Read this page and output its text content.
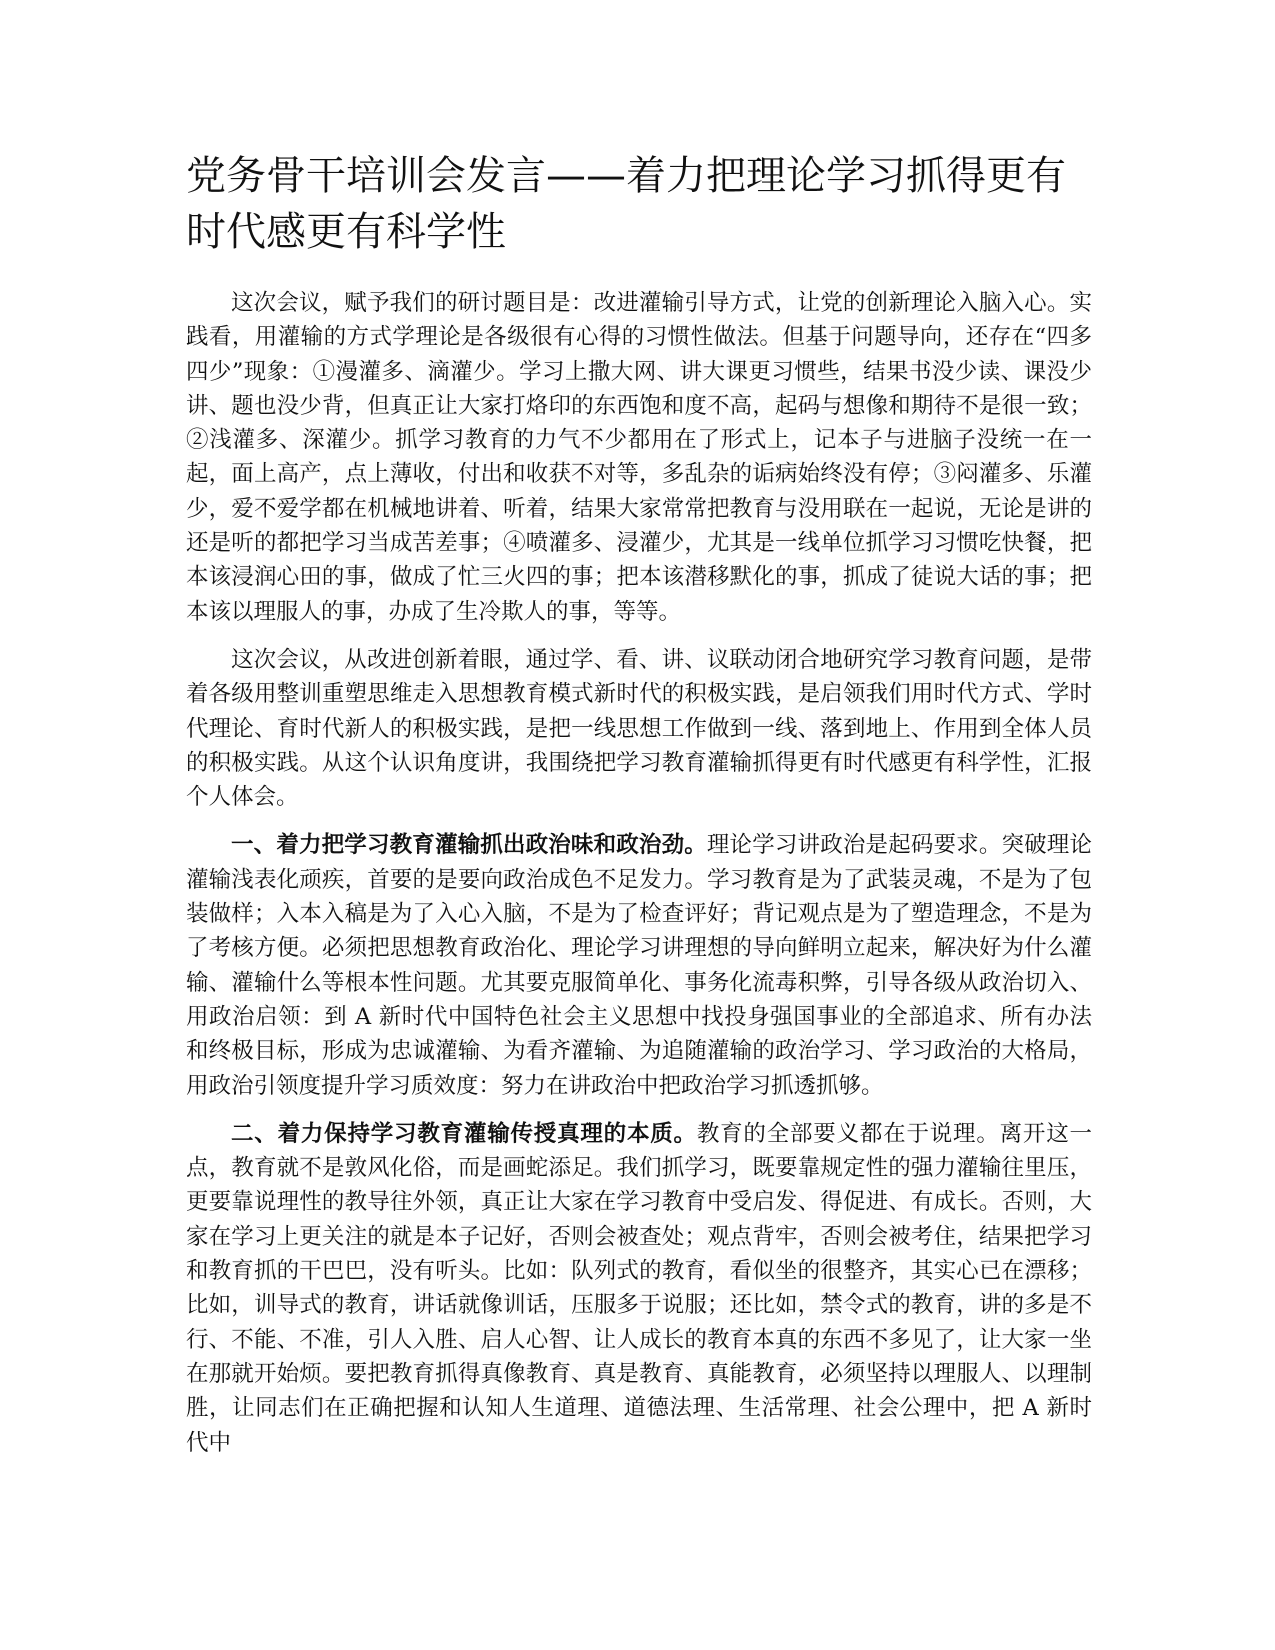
党务骨干培训会发言——着力把理论学习抓得更有时代感更有科学性

这次会议，赋予我们的研讨题目是：改进灌输引导方式，让党的创新理论入脑入心。实践看，用灌输的方式学理论是各级很有心得的习惯性做法。但基于问题导向，还存在“四多四少”现象：①漫灌多、滴灌少。学习上撒大网、讲大课更习惯些，结果书没少读、课没少讲、题也没少背，但真正让大家打烙印的东西饱和度不高，起码与想像和期待不是很一致；②浅灌多、深灌少。抓学习教育的力气不少都用在了形式上，记本子与进脑子没统一在一起，面上高产，点上薄收，付出和收获不对等，多乱杂的诟病始终没有停；③闷灌多、乐灌少，爱不爱学都在机械地讲着、听着，结果大家常常把教育与没用联在一起说，无论是讲的还是听的都把学习当成苦差事；④喷灌多、浸灌少，尤其是一线单位抓学习习惯吃快餐，把本该浸润心田的事，做成了忙三火四的事；把本该潜移默化的事，抓成了徒说大话的事；把本该以理服人的事，办成了生冷欺人的事，等等。

这次会议，从改进创新着眼，通过学、看、讲、议联动闭合地研究学习教育问题，是带着各级用整训重塑思维走入思想教育模式新时代的积极实践，是启领我们用时代方式、学时代理论、育时代新人的积极实践，是把一线思想工作做到一线、落到地上、作用到全体人员的积极实践。从这个认识角度讲，我围绕把学习教育灌输抓得更有时代感更有科学性，汇报个人体会。

一、着力把学习教育灌输抓出政治味和政治劲。理论学习讲政治是起码要求。突破理论灌输浅表化顽疾，首要的是要向政治成色不足发力。学习教育是为了武装灵魂，不是为了包装做样；入本入稿是为了入心入脑，不是为了检查评好；背记观点是为了塑造理念，不是为了考核方便。必须把思想教育政治化、理论学习讲理想的导向鲜明立起来，解决好为什么灌输、灌输什么等根本性问题。尤其要克服简单化、事务化流毒积弊，引导各级从政治切入、用政治启领：到 A 新时代中国特色社会主义思想中找投身强国事业的全部追求、所有办法和终极目标，形成为忠诚灌输、为看齐灌输、为追随灌输的政治学习、学习政治的大格局，用政治引领度提升学习质效度：努力在讲政治中把政治学习抓透抓够。

二、着力保持学习教育灌输传授真理的本质。教育的全部要义都在于说理。离开这一点，教育就不是敦风化俗，而是画蛇添足。我们抓学习，既要靠规定性的强力灌输往里压，更要靠说理性的教导往外领，真正让大家在学习教育中受启发、得促进、有成长。否则，大家在学习上更关注的就是本子记好，否则会被查处；观点背牢，否则会被考住，结果把学习和教育抓的干巴巴，没有听头。比如：队列式的教育，看似坐的很整齐，其实心已在漂移；比如，训导式的教育，讲话就像训话，压服多于说服；还比如，禁令式的教育，讲的多是不行、不能、不准，引人入胜、启人心智、让人成长的教育本真的东西不多见了，让大家一坐在那就开始烦。要把教育抓得真像教育、真是教育、真能教育，必须坚持以理服人、以理制胜，让同志们在正确把握和认知人生道理、道德法理、生活常理、社会公理中，把 A 新时代中
